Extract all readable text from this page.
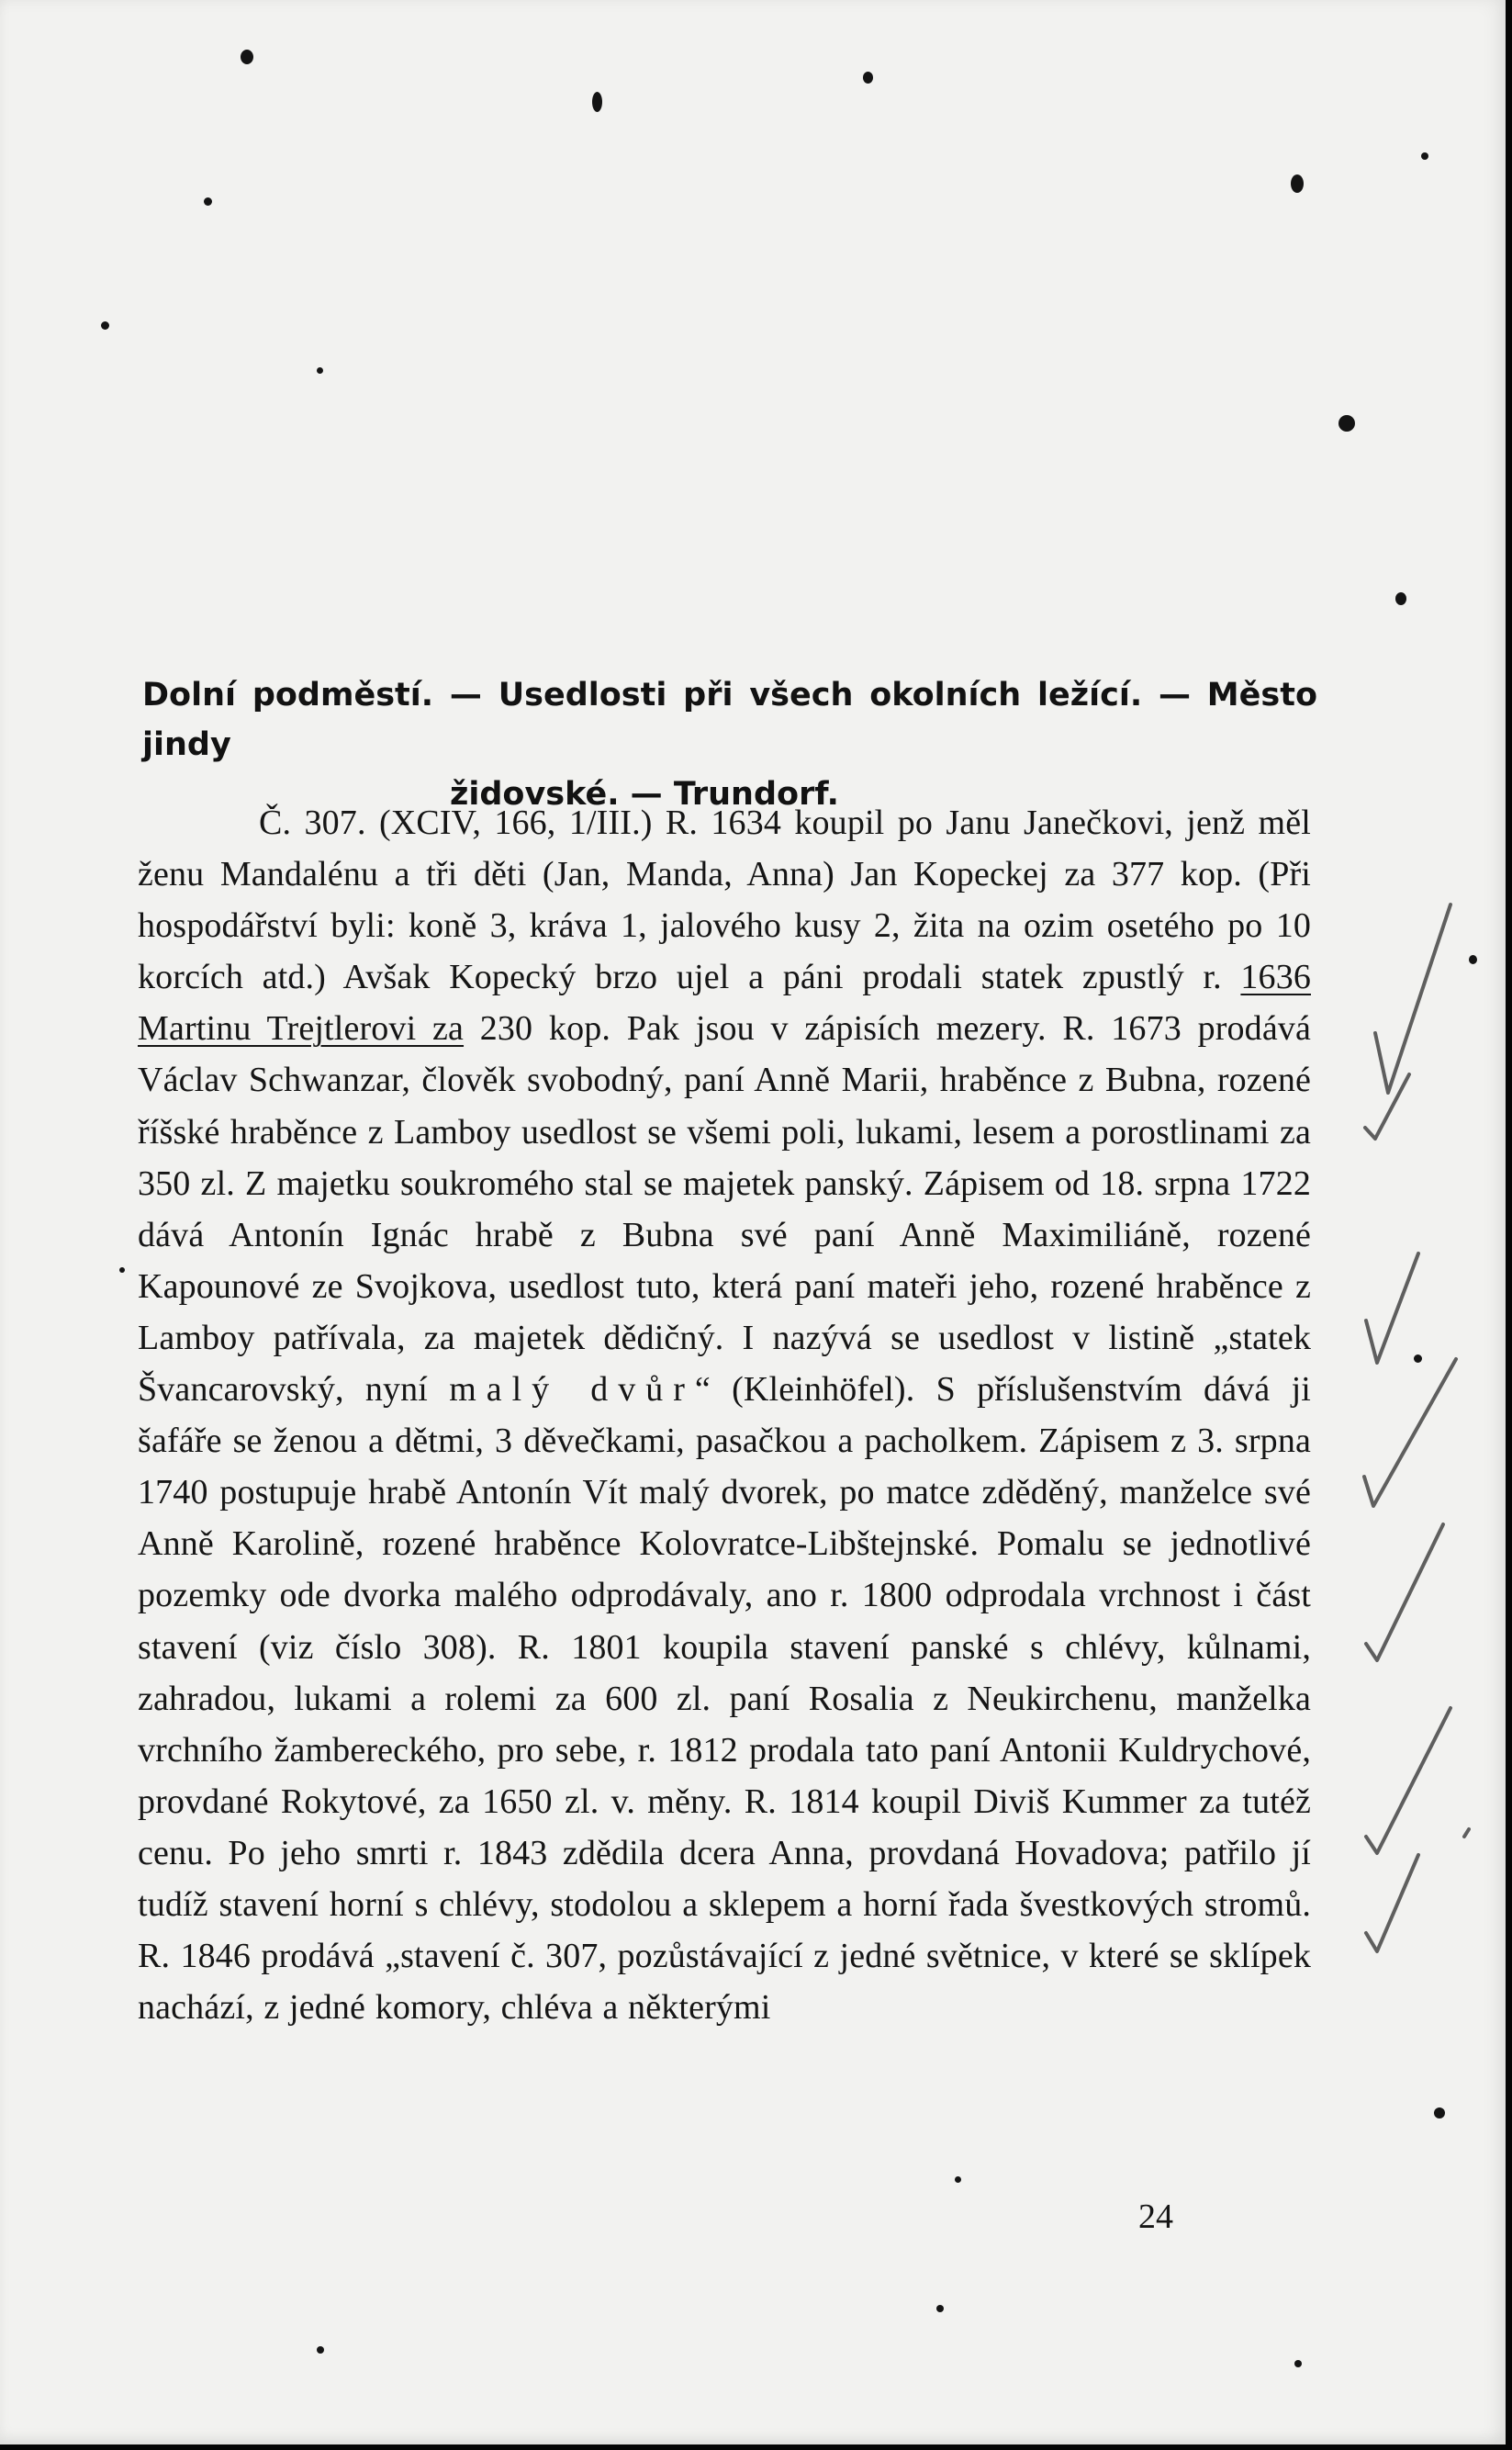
Dolní podměstí. — Usedlosti při všech okolních ležící. — Město jindy
židovské. — Trundorf.
Č. 307. (XCIV, 166, 1/III.) R. 1634 koupil po Janu Janečkovi, jenž měl ženu Mandalénu a tři děti (Jan, Manda, Anna) Jan Kopeckej za 377 kop. (Při hospodářství byli: koně 3, kráva 1, jalového kusy 2, žita na ozim osetého po 10 korcích atd.) Avšak Kopecký brzo ujel a páni prodali statek zpustlý r. 1636 Martinu Trejtlerovi za 230 kop. Pak jsou v zápisích mezery. R. 1673 prodává Václav Schwanzar, člověk svobodný, paní Anně Marii, hraběnce z Bubna, rozené říšské hraběnce z Lamboy usedlost se všemi poli, lukami, lesem a porostlinami za 350 zl. Z majetku soukromého stal se majetek panský. Zápisem od 18. srpna 1722 dává Antonín Ignác hrabě z Bubna své paní Anně Maximiliáně, rozené Kapounové ze Svojkova, usedlost tuto, která paní mateři jeho, rozené hraběnce z Lamboy patřívala, za majetek dědičný. I nazývá se usedlost v listině „statek Švancarovský, nyní malý dvůr“ (Kleinhöfel). S příslušenstvím dává ji šafáře se ženou a dětmi, 3 děvečkami, pasačkou a pacholkem. Zápisem z 3. srpna 1740 postupuje hrabě Antonín Vít malý dvorek, po matce zděděný, manželce své Anně Karolině, rozené hraběnce Kolovratce-Libštejnské. Pomalu se jednotlivé pozemky ode dvorka malého odprodávaly, ano r. 1800 odprodala vrchnost i část stavení (viz číslo 308). R. 1801 koupila stavení panské s chlévy, kůlnami, zahradou, lukami a rolemi za 600 zl. paní Rosalia z Neukirchenu, manželka vrchního žambereckého, pro sebe, r. 1812 prodala tato paní Antonii Kuldrychové, provdané Rokytové, za 1650 zl. v. měny. R. 1814 koupil Diviš Kummer za tutéž cenu. Po jeho smrti r. 1843 zdědila dcera Anna, provdaná Hovadova; patřilo jí tudíž stavení horní s chlévy, stodolou a sklepem a horní řada švestkových stromů. R. 1846 prodává „stavení č. 307, pozůstávající z jedné světnice, v které se sklípek nachází, z jedné komory, chléva a některými
24
